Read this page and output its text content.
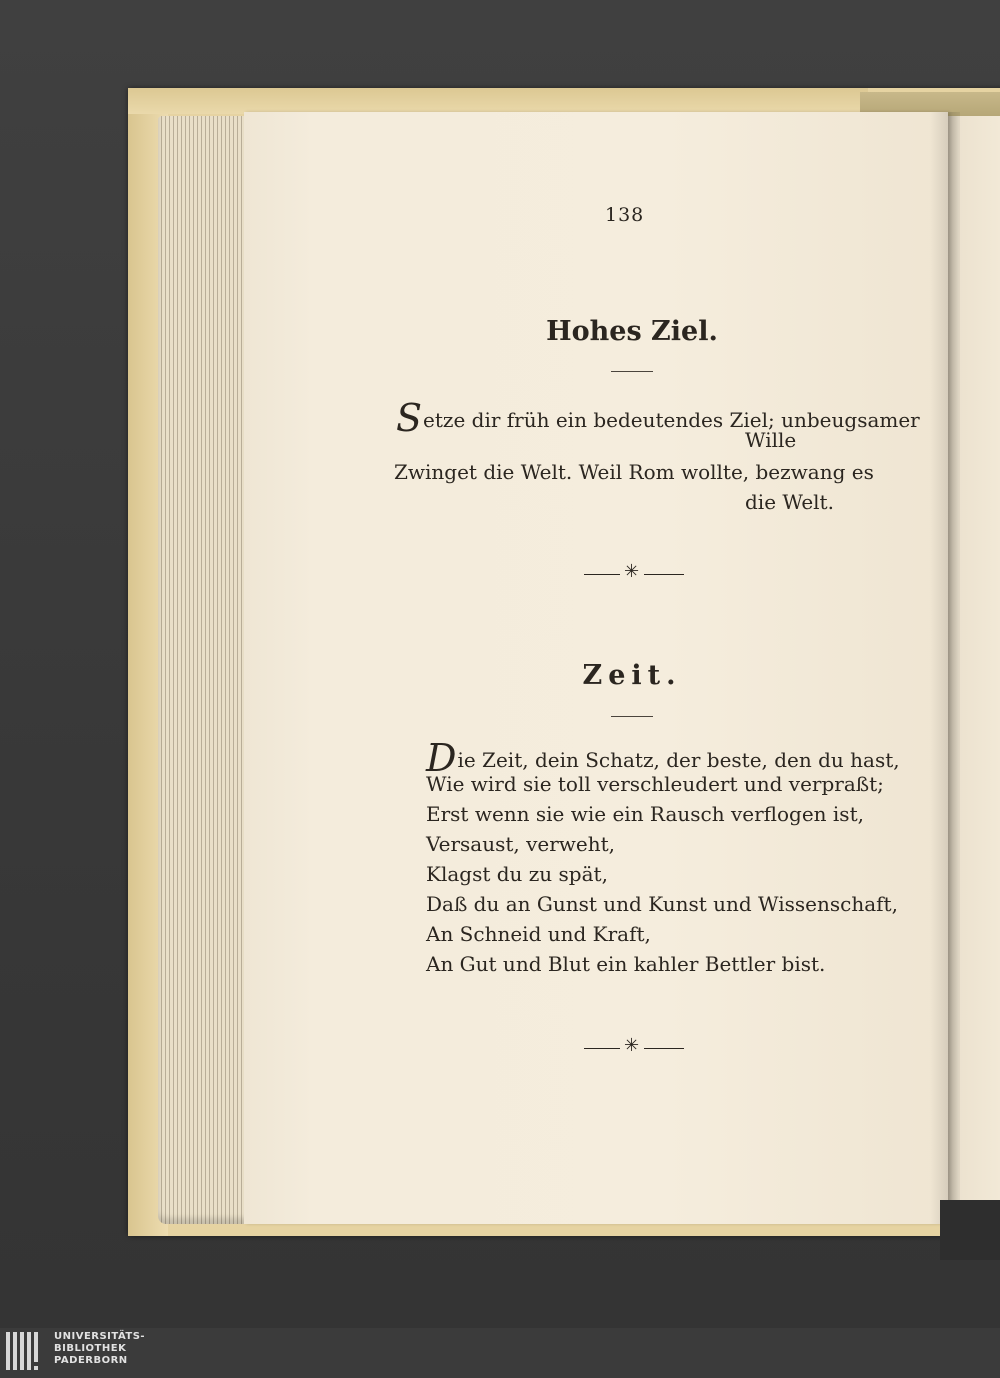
138
Hohes Ziel.
Setze dir früh ein bedeutendes Ziel; unbeugsamer
Wille
Zwinget die Welt. Weil Rom wollte, bezwang es
die Welt.
✳
Zeit.
Die Zeit, dein Schatz, der beste, den du hast,
Wie wird sie toll verschleudert und verpraßt;
Erst wenn sie wie ein Rausch verflogen ist,
Versaust, verweht,
Klagst du zu spät,
Daß du an Gunst und Kunst und Wissenschaft,
An Schneid und Kraft,
An Gut und Blut ein kahler Bettler bist.
✳
UNIVERSITÄTS-
BIBLIOTHEK
PADERBORN
